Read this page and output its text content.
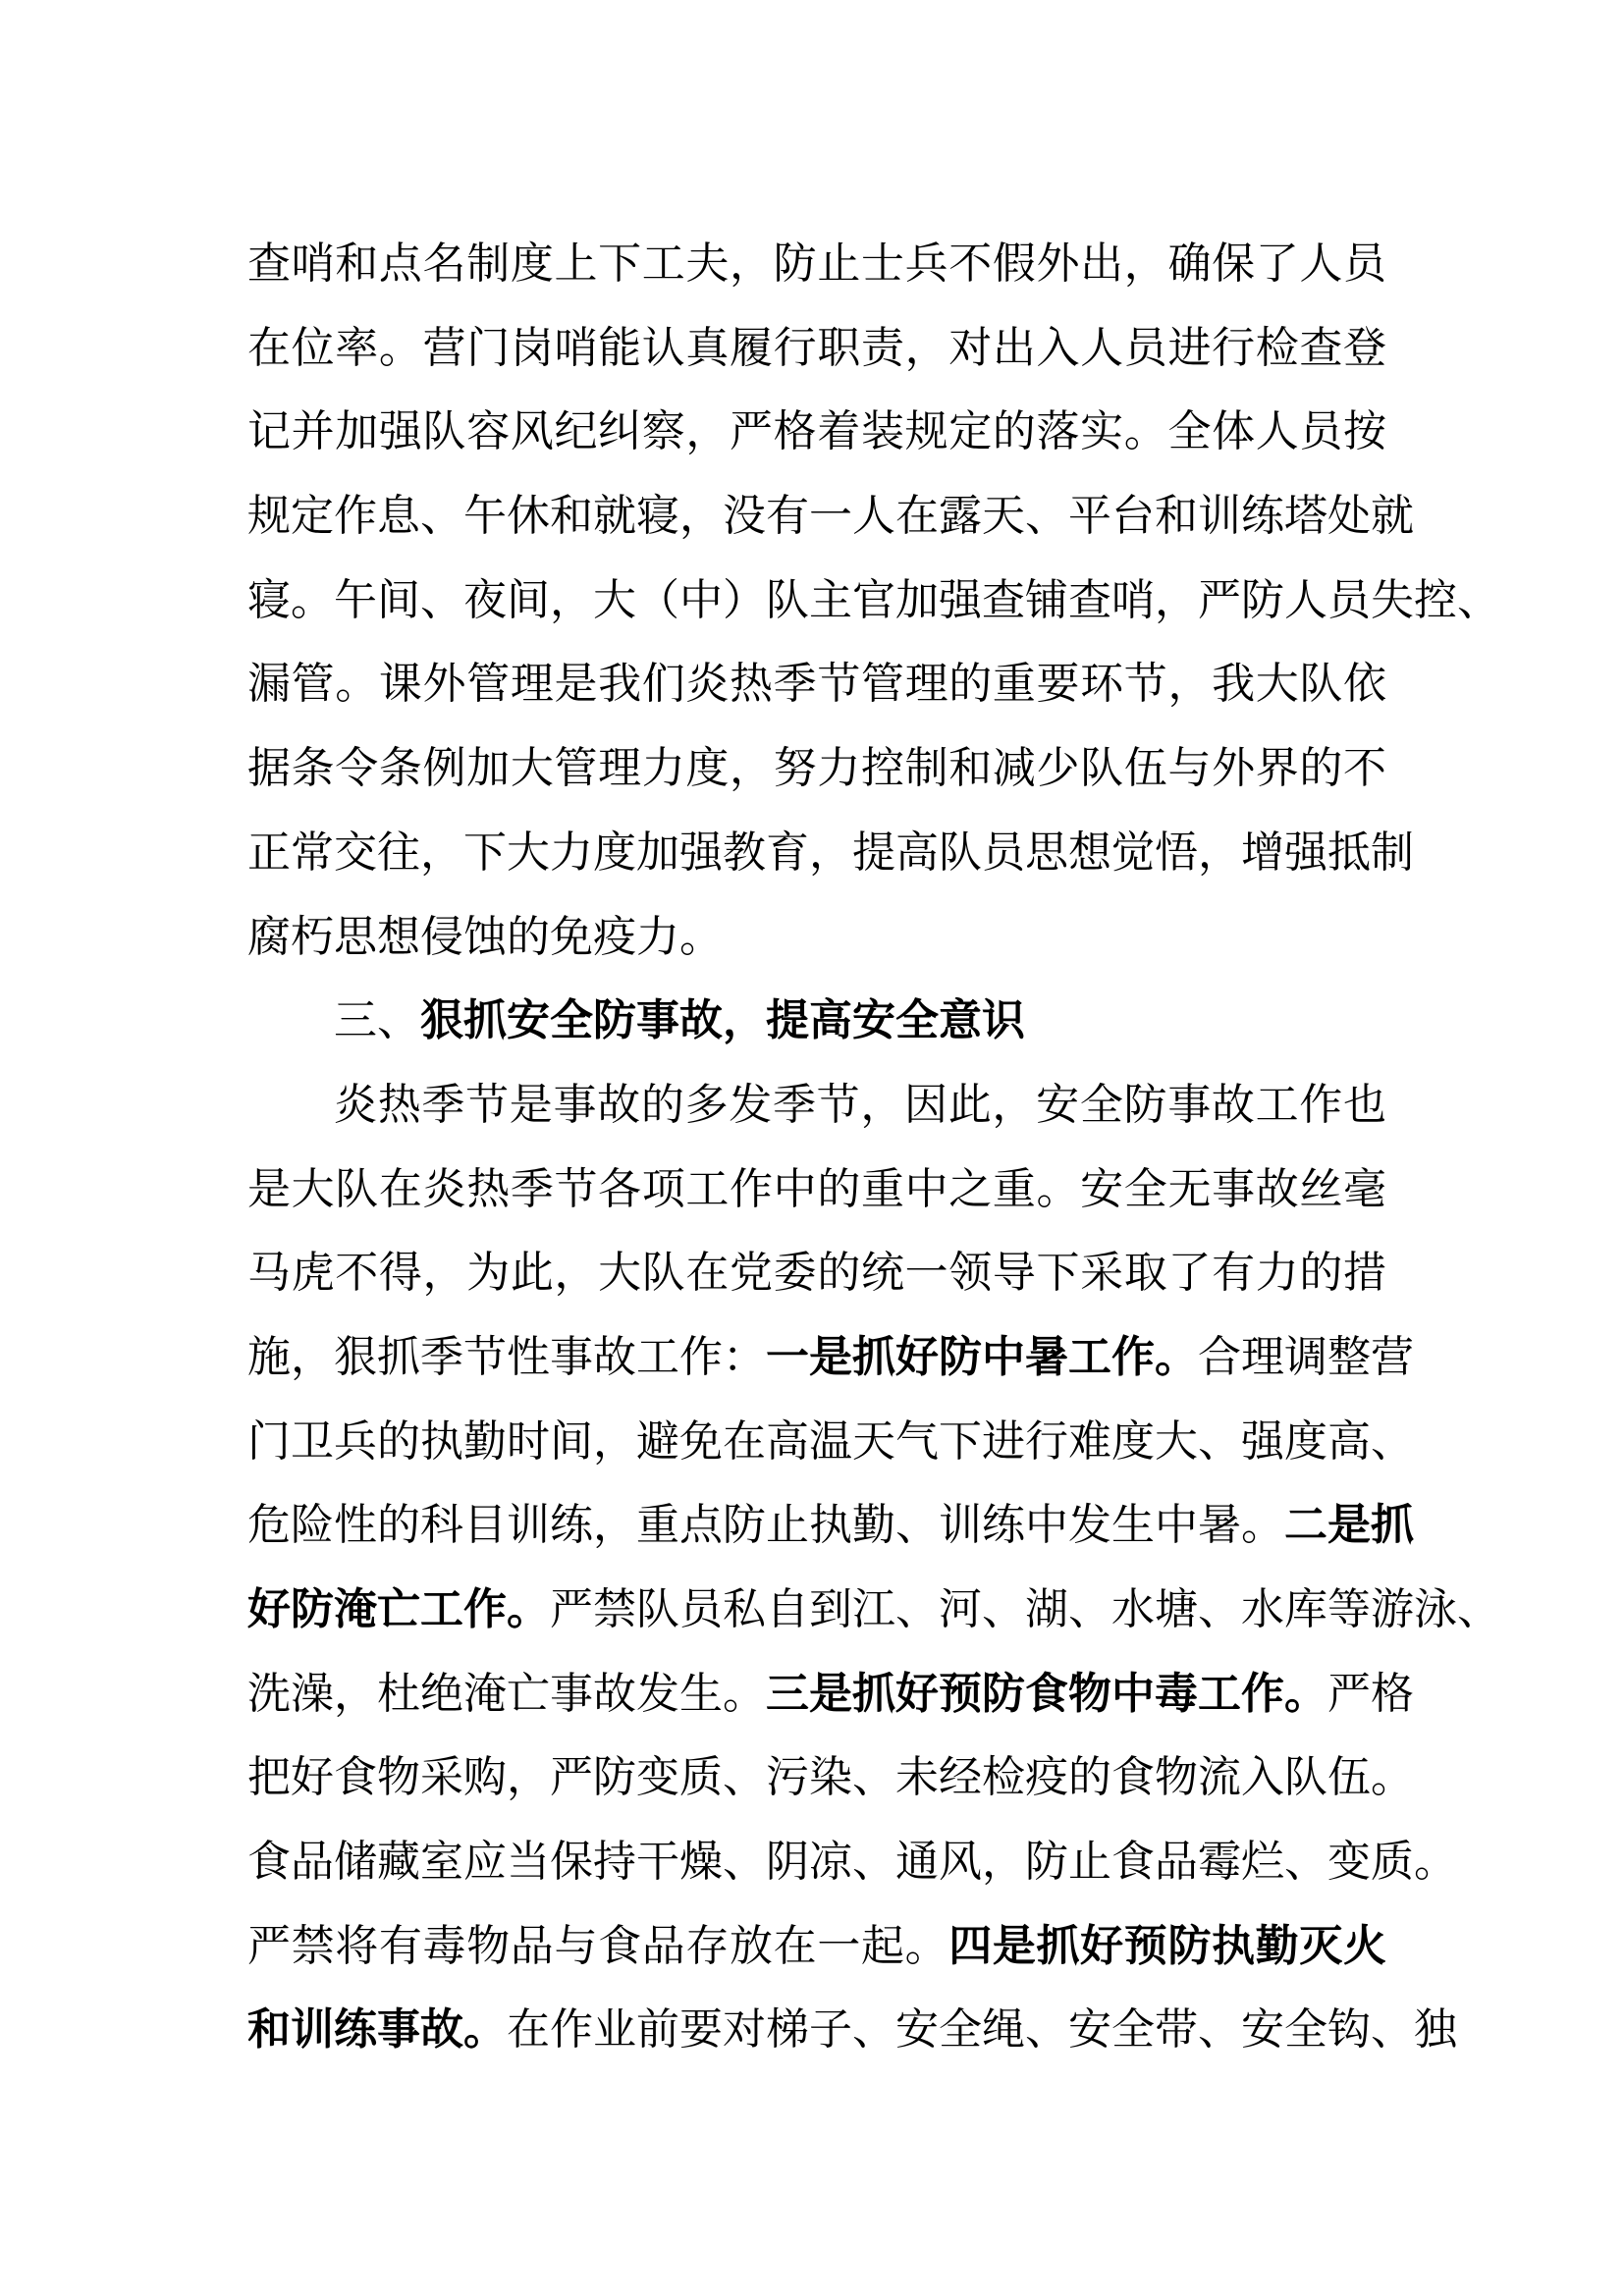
查哨和点名制度上下工夫，防止士兵不假外出，确保了人员
在位率。营门岗哨能认真履行职责，对出入人员进行检查登
记并加强队容风纪纠察，严格着装规定的落实。全体人员按
规定作息、午休和就寝，没有一人在露天、平台和训练塔处就
寝。午间、夜间，大（中）队主官加强查铺查哨，严防人员失控、
漏管。课外管理是我们炎热季节管理的重要环节，我大队依
据条令条例加大管理力度，努力控制和减少队伍与外界的不
正常交往，下大力度加强教育，提高队员思想觉悟，增强抵制
腐朽思想侵蚀的免疫力。
三、狠抓安全防事故，提高安全意识
炎热季节是事故的多发季节，因此，安全防事故工作也
是大队在炎热季节各项工作中的重中之重。安全无事故丝毫
马虎不得，为此，大队在党委的统一领导下采取了有力的措
施，狠抓季节性事故工作：一是抓好防中暑工作。合理调整营
门卫兵的执勤时间，避免在高温天气下进行难度大、强度高、
危险性的科目训练，重点防止执勤、训练中发生中暑。二是抓
好防淹亡工作。严禁队员私自到江、河、湖、水塘、水库等游泳、
洗澡，杜绝淹亡事故发生。三是抓好预防食物中毒工作。严格
把好食物采购，严防变质、污染、未经检疫的食物流入队伍。
食品储藏室应当保持干燥、阴凉、通风，防止食品霉烂、变质。
严禁将有毒物品与食品存放在一起。四是抓好预防执勤灭火
和训练事故。在作业前要对梯子、安全绳、安全带、安全钩、独
